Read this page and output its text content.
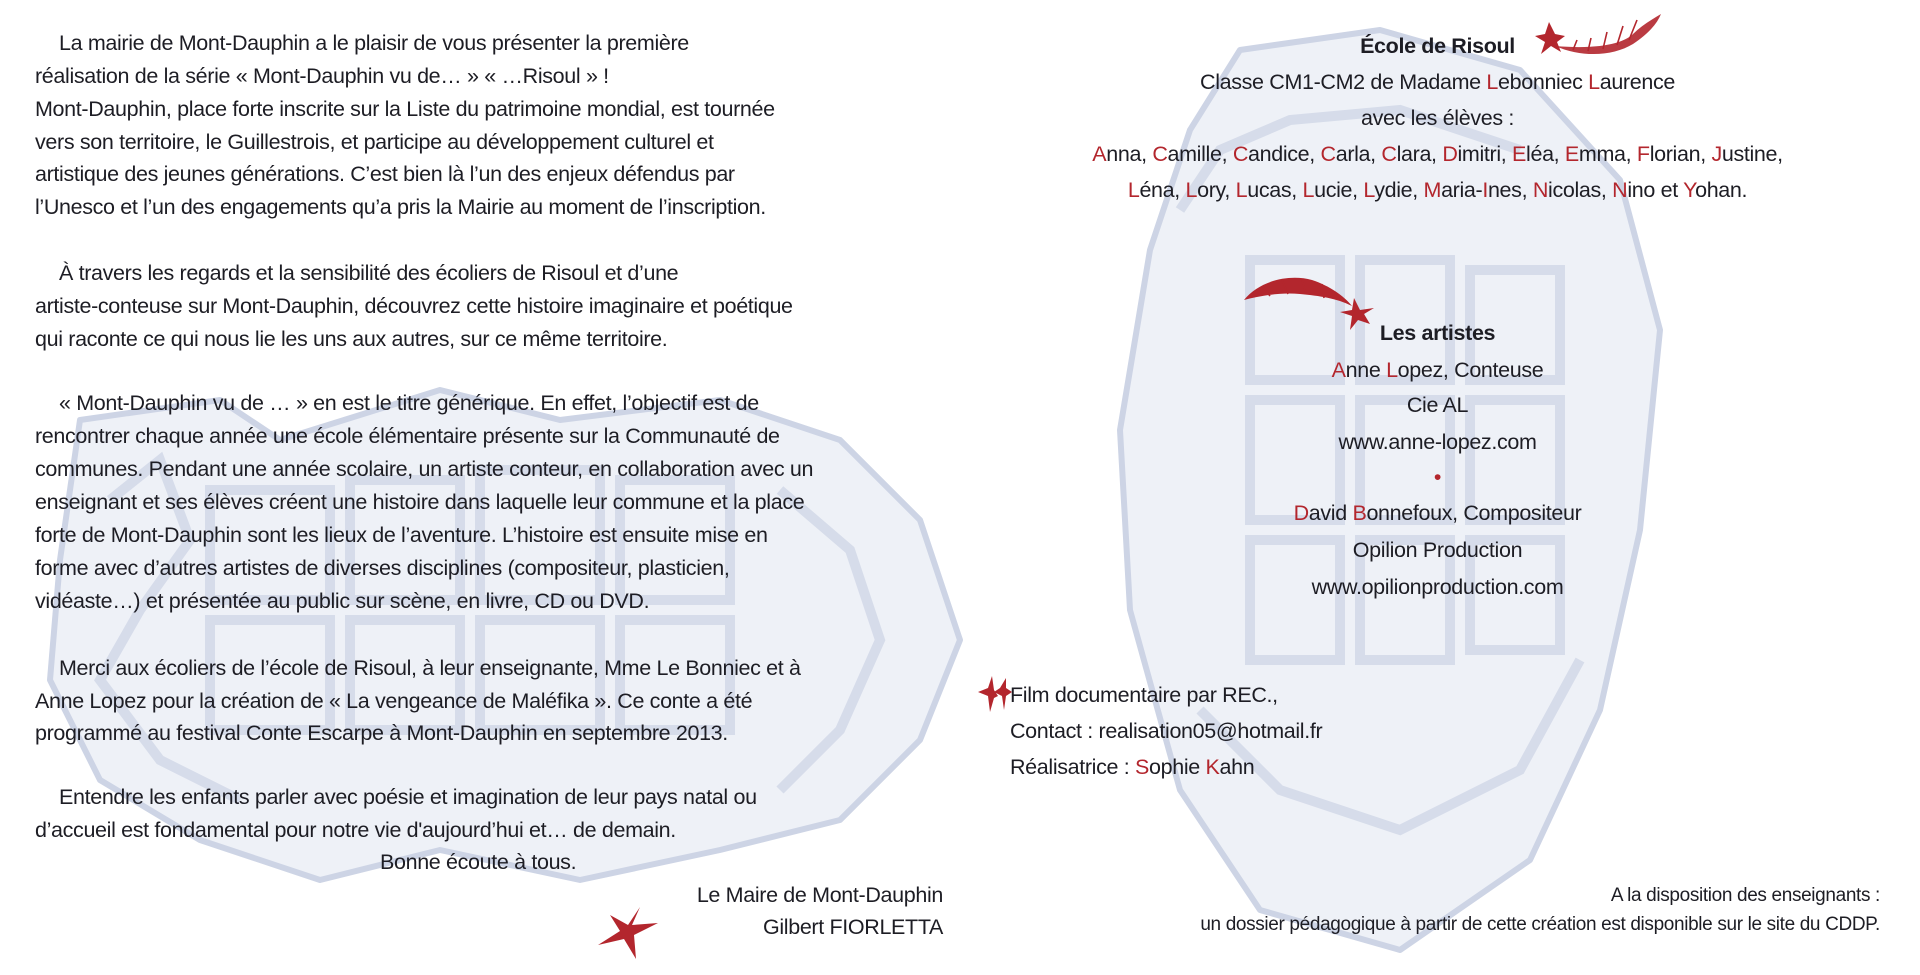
La mairie de Mont-Dauphin a le plaisir de vous présenter la première
réalisation de la série « Mont-Dauphin vu de… » « …Risoul » !
Mont-Dauphin, place forte inscrite sur la Liste du patrimoine mondial, est tournée
vers son territoire, le Guillestrois, et participe au développement culturel et
artistique des jeunes générations. C’est bien là l’un des enjeux défendus par
l’Unesco et l’un des engagements qu’a pris la Mairie au moment de l’inscription.
À travers les regards et la sensibilité des écoliers de Risoul et d’une
artiste-conteuse sur Mont-Dauphin, découvrez cette histoire imaginaire et poétique
qui raconte ce qui nous lie les uns aux autres, sur ce même territoire.
« Mont-Dauphin vu de … » en est le titre générique. En effet, l’objectif est de
rencontrer chaque année une école élémentaire présente sur la Communauté de
communes. Pendant une année scolaire, un artiste conteur, en collaboration avec un
enseignant et ses élèves créent une histoire dans laquelle leur commune et la place
forte de Mont-Dauphin sont les lieux de l’aventure. L’histoire est ensuite mise en
forme avec d’autres artistes de diverses disciplines (compositeur, plasticien,
vidéaste…) et présentée au public sur scène, en livre, CD ou DVD.
Merci aux écoliers de l’école de Risoul, à leur enseignante, Mme Le Bonniec et à
Anne Lopez pour la création de « La vengeance de Maléfika ». Ce conte a été
programmé au festival Conte Escarpe à Mont-Dauphin en septembre 2013.
Entendre les enfants parler avec poésie et imagination de leur pays natal ou
d’accueil est fondamental pour notre vie d'aujourd’hui et… de demain.
Bonne écoute à tous.
Le Maire de Mont-Dauphin
Gilbert FIORLETTA
École de Risoul
Classe CM1-CM2 de Madame Lebonniec Laurence
avec les élèves :
Anna, Camille, Candice, Carla, Clara, Dimitri, Eléa, Emma, Florian, Justine,
Léna, Lory, Lucas, Lucie, Lydie, Maria-Ines, Nicolas, Nino et Yohan.
Les artistes
Anne Lopez, Conteuse
Cie AL
www.anne-lopez.com
•
David Bonnefoux, Compositeur
Opilion Production
www.opilionproduction.com
Film documentaire par REC.,
Contact : realisation05@hotmail.fr
Réalisatrice : Sophie Kahn
A la disposition des enseignants :
un dossier pédagogique à partir de cette création est disponible sur le site du CDDP.
